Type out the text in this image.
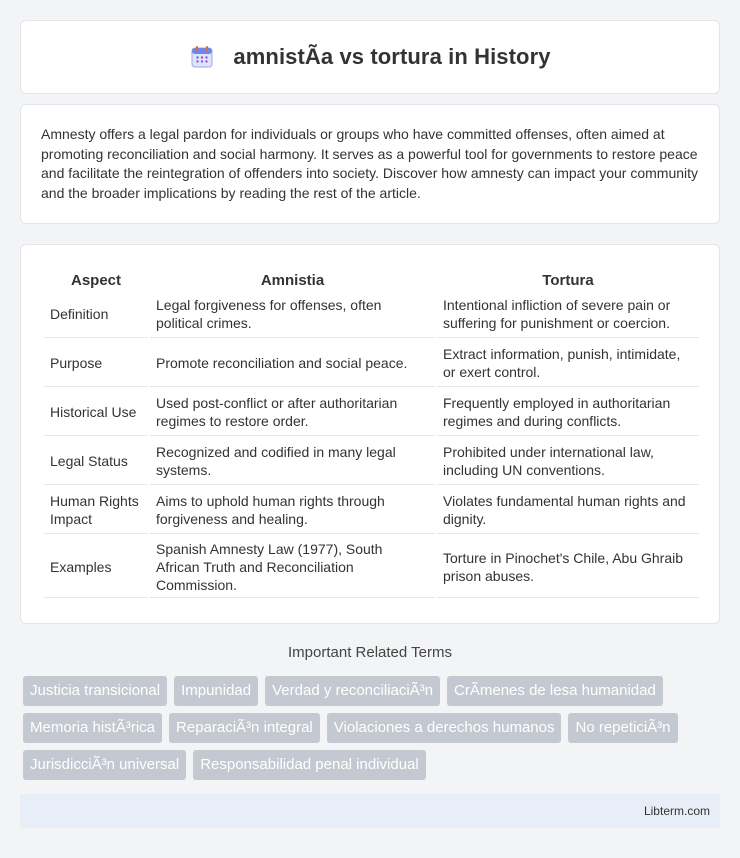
amnistÃa vs tortura in History

Amnesty offers a legal pardon for individuals or groups who have committed offenses, often aimed at promoting reconciliation and social harmony. It serves as a powerful tool for governments to restore peace and facilitate the reintegration of offenders into society. Discover how amnesty can impact your community and the broader implications by reading the rest of the article.

Aspect	Amnistia	Tortura
Definition	Legal forgiveness for offenses, often political crimes.	Intentional infliction of severe pain or suffering for punishment or coercion.
Purpose	Promote reconciliation and social peace.	Extract information, punish, intimidate, or exert control.
Historical Use	Used post-conflict or after authoritarian regimes to restore order.	Frequently employed in authoritarian regimes and during conflicts.
Legal Status	Recognized and codified in many legal systems.	Prohibited under international law, including UN conventions.
Human Rights Impact	Aims to uphold human rights through forgiveness and healing.	Violates fundamental human rights and dignity.
Examples	Spanish Amnesty Law (1977), South African Truth and Reconciliation Commission.	Torture in Pinochet's Chile, Abu Ghraib prison abuses.
Important Related Terms
Justicia transicional	Impunidad	Verdad y reconciliaciÃ³n	CrÃmenes de lesa humanidad
Memoria histÃ³rica	ReparaciÃ³n integral	Violaciones a derechos humanos	No repeticiÃ³n
JurisdicciÃ³n universal	Responsabilidad penal individual
Libterm.com
